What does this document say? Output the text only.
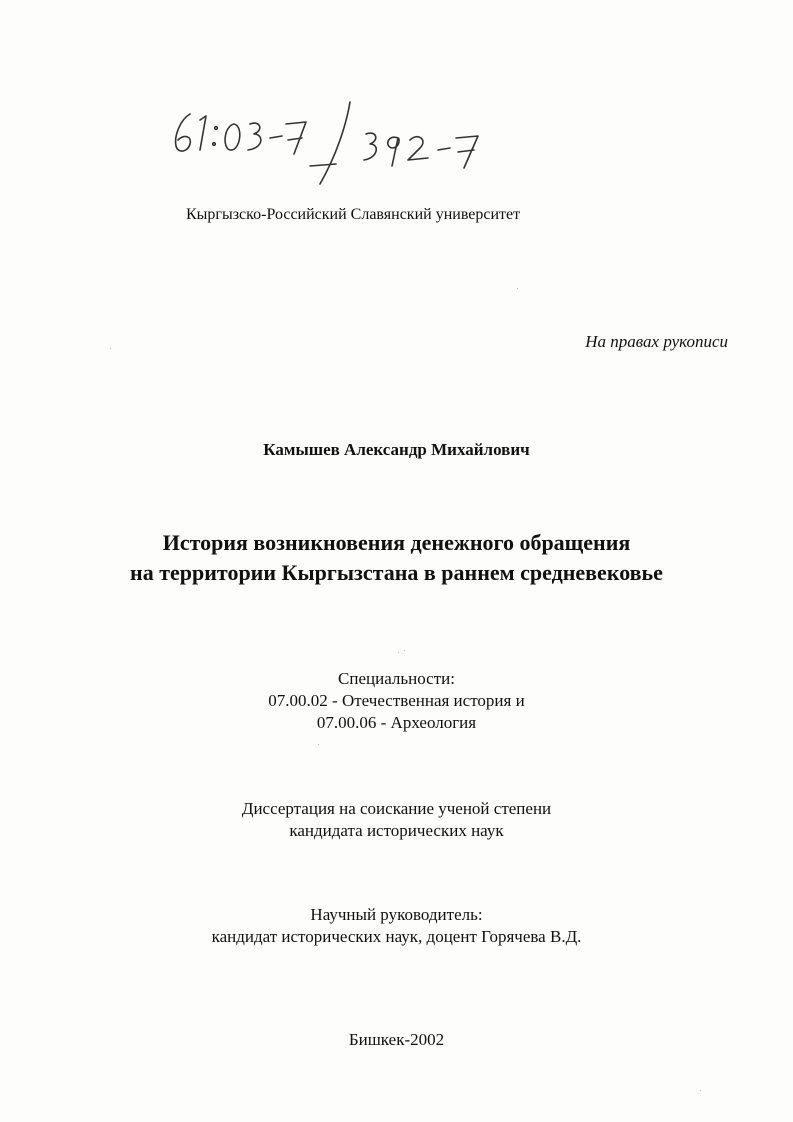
Кыргызско-Российский Славянский университет
На правах рукописи
Камышев Александр Михайлович
История возникновения денежного обращения
на территории Кыргызстана в раннем средневековье
Специальности:
07.00.02 - Отечественная история и
07.00.06 - Археология
Диссертация на соискание ученой степени
кандидата исторических наук
Научный руководитель:
кандидат исторических наук, доцент Горячева В.Д.
Бишкек-2002
